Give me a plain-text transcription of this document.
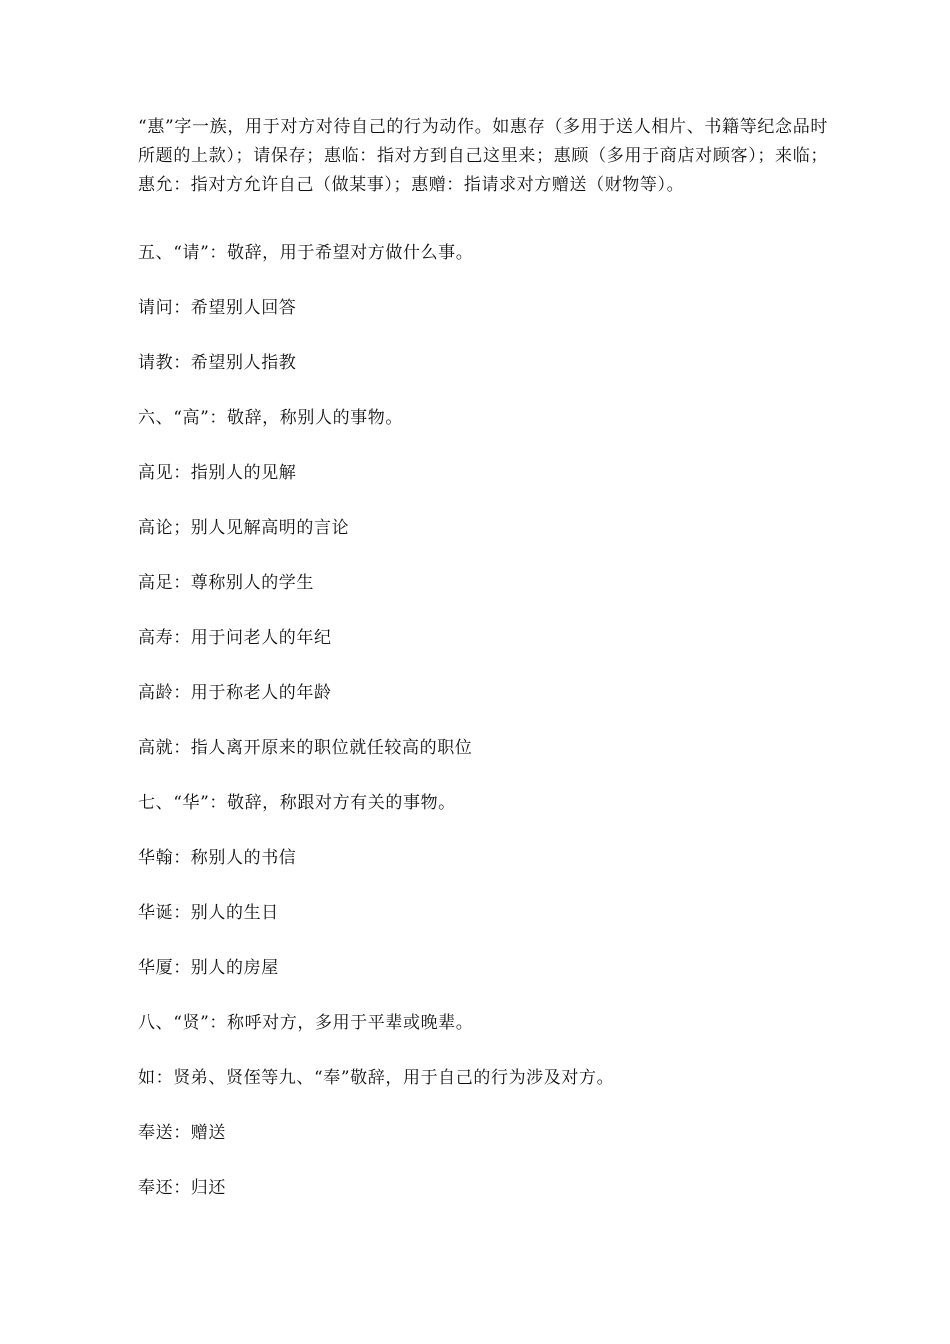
“惠”字一族，用于对方对待自己的行为动作。如惠存（多用于送人相片、书籍等纪念品时所题的上款）；请保存；惠临：指对方到自己这里来；惠顾（多用于商店对顾客）；来临；惠允：指对方允许自己（做某事）；惠赠：指请求对方赠送（财物等）。

五、“请”：敬辞，用于希望对方做什么事。

请问：希望别人回答

请教：希望别人指教

六、“高”：敬辞，称别人的事物。

高见：指别人的见解

高论；别人见解高明的言论

高足：尊称别人的学生

高寿：用于问老人的年纪

高龄：用于称老人的年龄

高就：指人离开原来的职位就任较高的职位

七、“华”：敬辞，称跟对方有关的事物。

华翰：称别人的书信

华诞：别人的生日

华厦：别人的房屋

八、“贤”：称呼对方，多用于平辈或晚辈。

如：贤弟、贤侄等九、“奉”敬辞，用于自己的行为涉及对方。

奉送：赠送

奉还：归还
